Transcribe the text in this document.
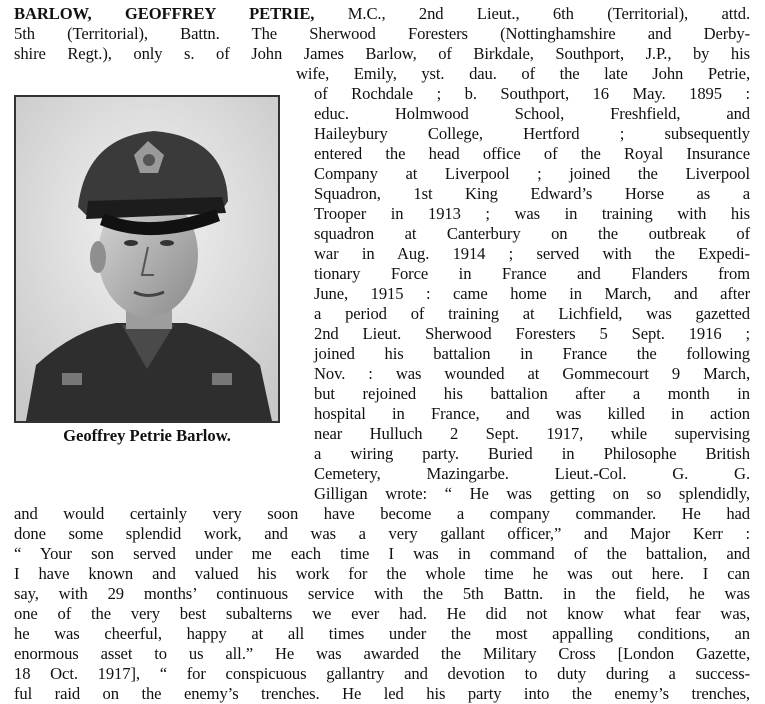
BARLOW, GEOFFREY PETRIE, M.C., 2nd Lieut., 6th (Territorial), attd.
5th (Territorial), Battn. The Sherwood Foresters (Nottinghamshire and Derby-
shire Regt.), only s. of John James Barlow, of Birkdale, Southport, J.P., by his
Geoffrey Petrie Barlow.
wife, Emily, yst. dau. of the late John Petrie,
of Rochdale ; b. Southport, 16 May. 1895 :
educ. Holmwood School, Freshfield, and
Haileybury College, Hertford ; subsequently
entered the head office of the Royal Insurance
Company at Liverpool ; joined the Liverpool
Squadron, 1st King Edward’s Horse as a
Trooper in 1913 ; was in training with his
squadron at Canterbury on the outbreak of
war in Aug. 1914 ; served with the Expedi-
tionary Force in France and Flanders from
June, 1915 : came home in March, and after
a period of training at Lichfield, was gazetted
2nd Lieut. Sherwood Foresters 5 Sept. 1916 ;
joined his battalion in France the following
Nov. : was wounded at Gommecourt 9 March,
but rejoined his battalion after a month in
hospital in France, and was killed in action
near Hulluch 2 Sept. 1917, while supervising
a wiring party. Buried in Philosophe British
Cemetery, Mazingarbe. Lieut.-Col. G. G.
Gilligan wrote: “ He was getting on so splendidly,
and would certainly very soon have become a company commander. He had
done some splendid work, and was a very gallant officer,” and Major Kerr :
“ Your son served under me each time I was in command of the battalion, and
I have known and valued his work for the whole time he was out here. I can
say, with 29 months’ continuous service with the 5th Battn. in the field, he was
one of the very best subalterns we ever had. He did not know what fear was,
he was cheerful, happy at all times under the most appalling conditions, an
enormous asset to us all.” He was awarded the Military Cross [London Gazette,
18 Oct. 1917], “ for conspicuous gallantry and devotion to duty during a success-
ful raid on the enemy’s trenches. He led his party into the enemy’s trenches,
